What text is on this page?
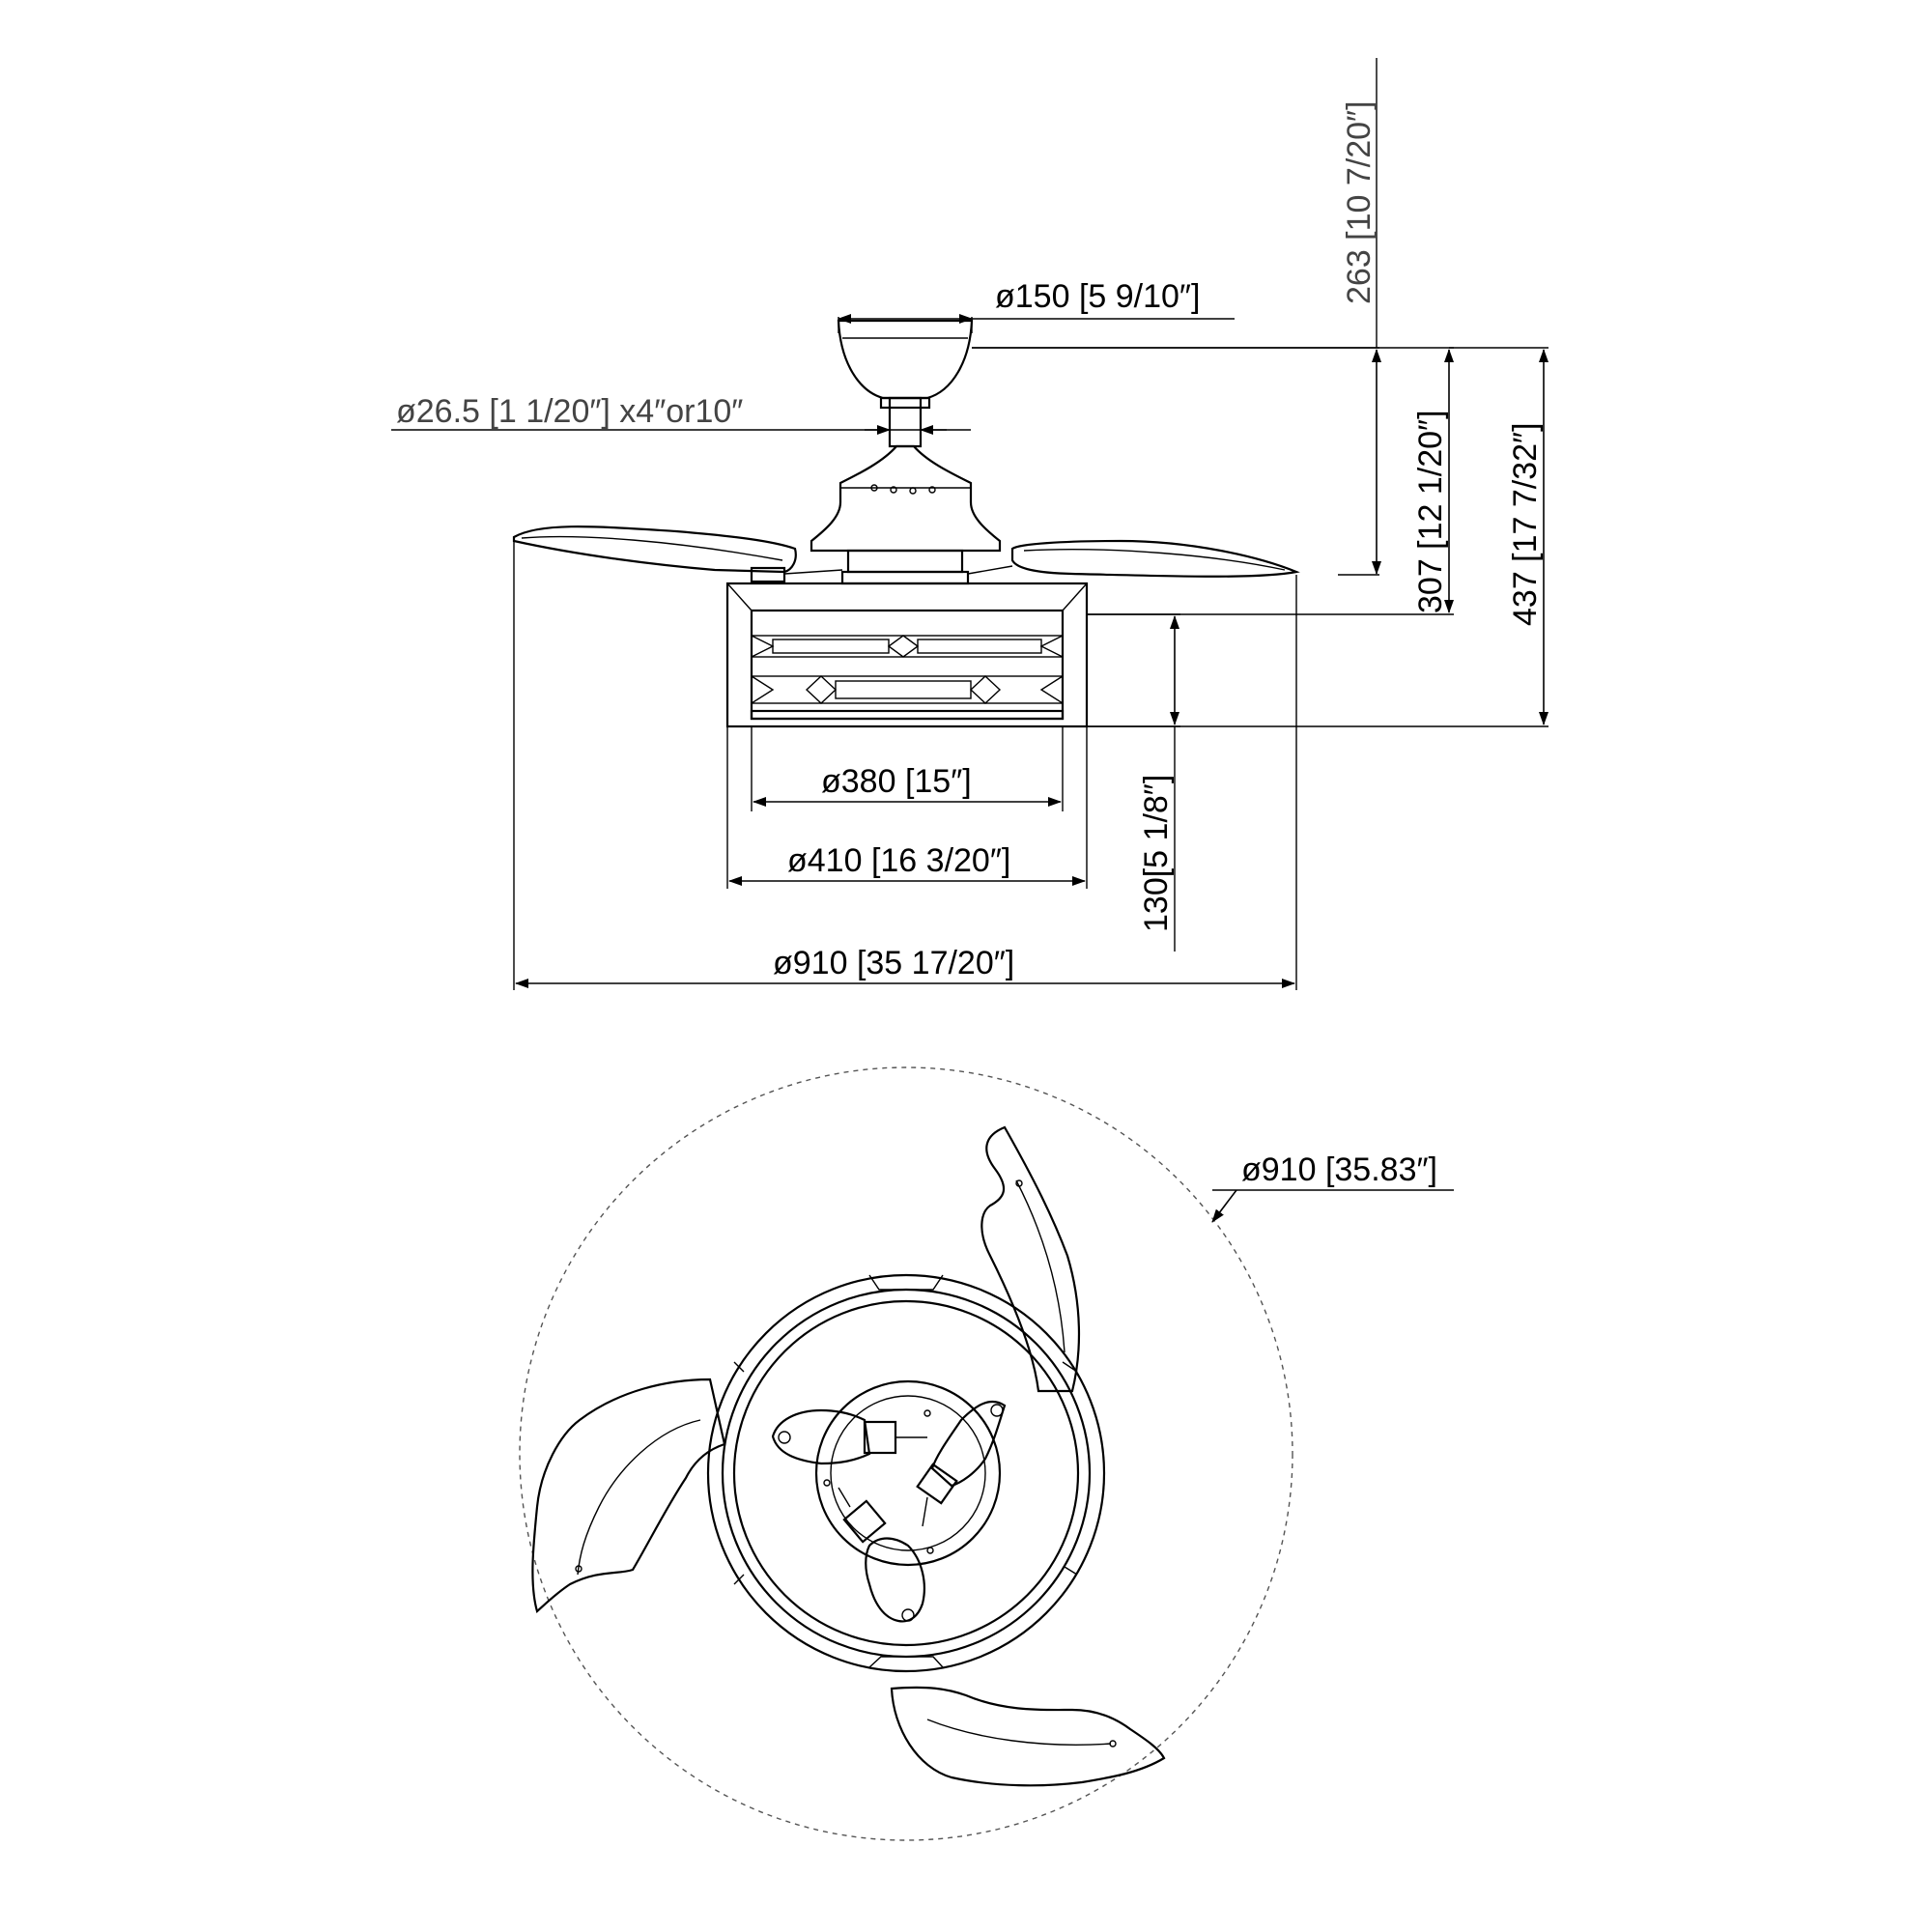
ø150 [5 9/10″]
ø26.5 [1 1/20″] x4″or10″
263 [10 7/20″]
307 [12 1/20″] 437 [17 7/32″]
130[5 1/8″]
ø380 [15″]
ø410 [16 3/20″]
ø910 [35 17/20″]
ø910 [35.83″]
